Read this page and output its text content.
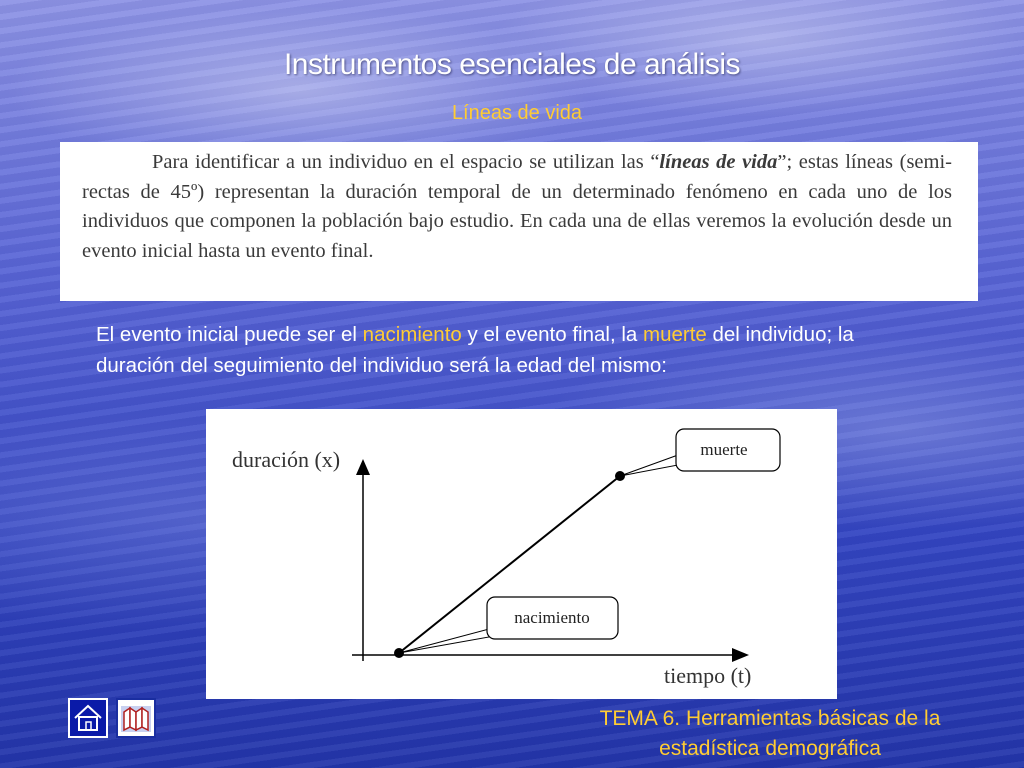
Instrumentos esenciales de análisis
Líneas de vida
Para identificar a un individuo en el espacio se utilizan las “líneas de vida”; estas líneas (semi-rectas de 45º) representan la duración temporal de un determinado fenómeno en cada uno de los individuos que componen la población bajo estudio. En cada una de ellas veremos la evolución desde un evento inicial hasta un evento final.
El evento inicial puede ser el nacimiento y el evento final, la muerte del individuo; la duración del seguimiento del individuo será la edad del mismo:
duración (x)
tiempo (t)
nacimiento
muerte
TEMA 6. Herramientas básicas de la
estadística demográfica
